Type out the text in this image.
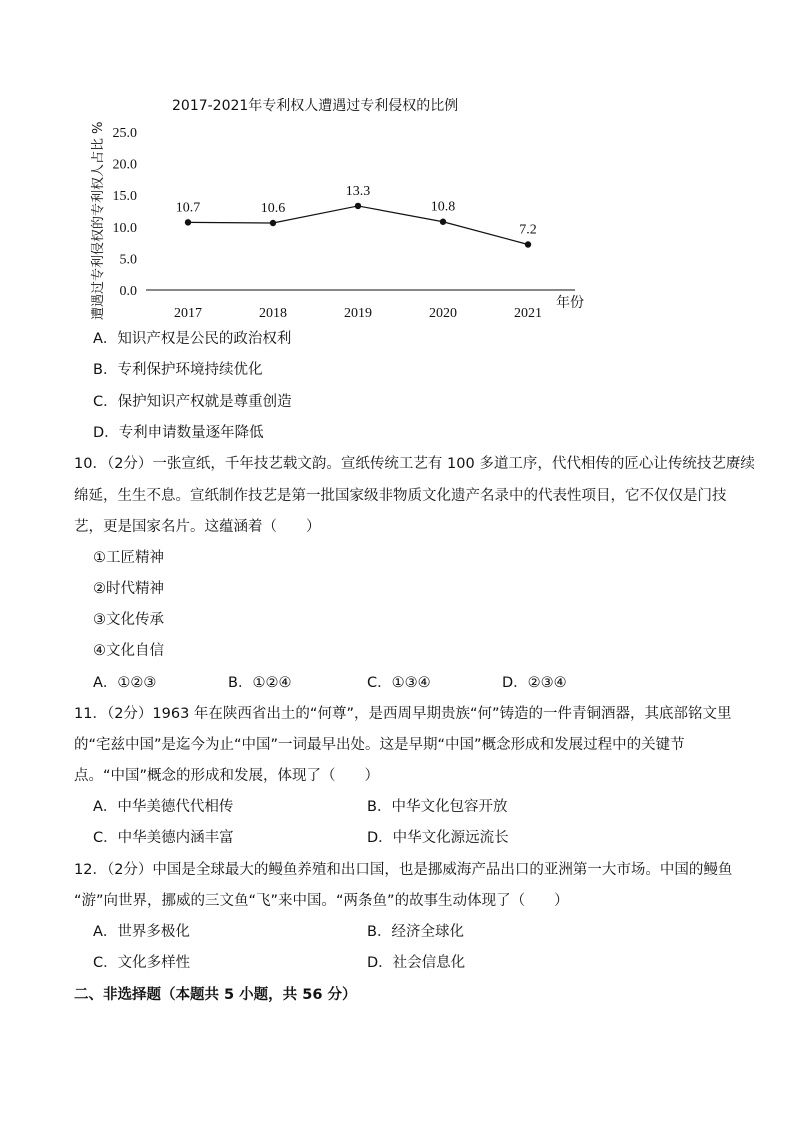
2017-2021年专利权人遭遇过专利侵权的比例
遭遇过专利侵权的专利权人占比 % 0.0
5.0
10.0
15.0
20.0
25.0
2017	2018	2019	2020	2021
10.7	10.6
13.3
10.8
7.2
年份
A．知识产权是公民的政治权利
B．专利保护环境持续优化
C．保护知识产权就是尊重创造
D．专利申请数量逐年降低
10．（2分）一张宣纸，千年技艺载文韵。宣纸传统工艺有 100 多道工序，代代相传的匠心让传统技艺赓续
绵延，生生不息。宣纸制作技艺是第一批国家级非物质文化遗产名录中的代表性项目，它不仅仅是门技
艺，更是国家名片。这蕴涵着（　　）
①工匠精神
②时代精神
③文化传承
④文化自信
A．①②③	B．①②④	C．①③④	D．②③④
11．（2分）1963 年在陕西省出土的“何尊”，是西周早期贵族“何”铸造的一件青铜酒器，其底部铭文里
的“宅兹中国”是迄今为止“中国”一词最早出处。这是早期“中国”概念形成和发展过程中的关键节
点。“中国”概念的形成和发展，体现了（　　）
A．中华美德代代相传	B．中华文化包容开放
C．中华美德内涵丰富	D．中华文化源远流长
12．（2分）中国是全球最大的鳗鱼养殖和出口国，也是挪威海产品出口的亚洲第一大市场。中国的鳗鱼
“游”向世界，挪威的三文鱼“飞”来中国。“两条鱼”的故事生动体现了（　　）
A．世界多极化	B．经济全球化
C．文化多样性	D．社会信息化
二、非选择题（本题共 5 小题，共 56 分）
